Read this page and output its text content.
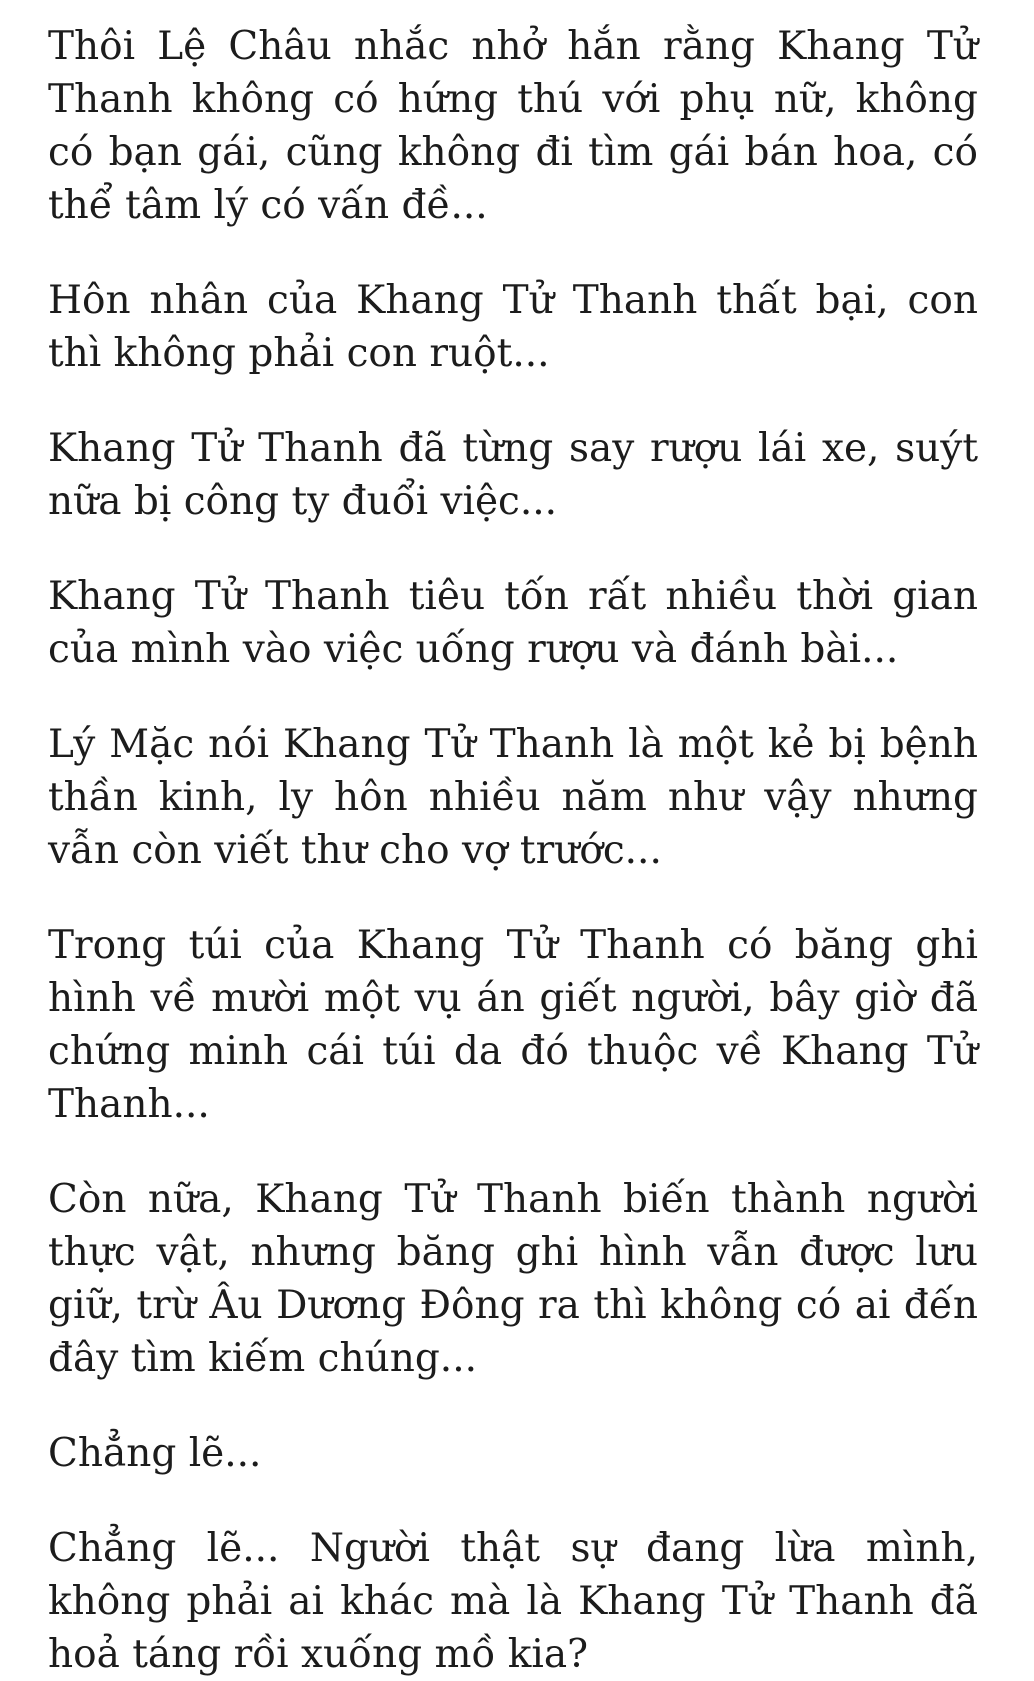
Thôi Lệ Châu nhắc nhở hắn rằng Khang Tử Thanh không có hứng thú với phụ nữ, không có bạn gái, cũng không đi tìm gái bán hoa, có thể tâm lý có vấn đề...

Hôn nhân của Khang Tử Thanh thất bại, con thì không phải con ruột...

Khang Tử Thanh đã từng say rượu lái xe, suýt nữa bị công ty đuổi việc...

Khang Tử Thanh tiêu tốn rất nhiều thời gian của mình vào việc uống rượu và đánh bài...

Lý Mặc nói Khang Tử Thanh là một kẻ bị bệnh thần kinh, ly hôn nhiều năm như vậy nhưng vẫn còn viết thư cho vợ trước...

Trong túi của Khang Tử Thanh có băng ghi hình về mười một vụ án giết người, bây giờ đã chứng minh cái túi da đó thuộc về Khang Tử Thanh...

Còn nữa, Khang Tử Thanh biến thành người thực vật, nhưng băng ghi hình vẫn được lưu giữ, trừ Âu Dương Đông ra thì không có ai đến đây tìm kiếm chúng...

Chẳng lẽ...

Chẳng lẽ... Người thật sự đang lừa mình, không phải ai khác mà là Khang Tử Thanh đã hoả táng rồi xuống mồ kia?
